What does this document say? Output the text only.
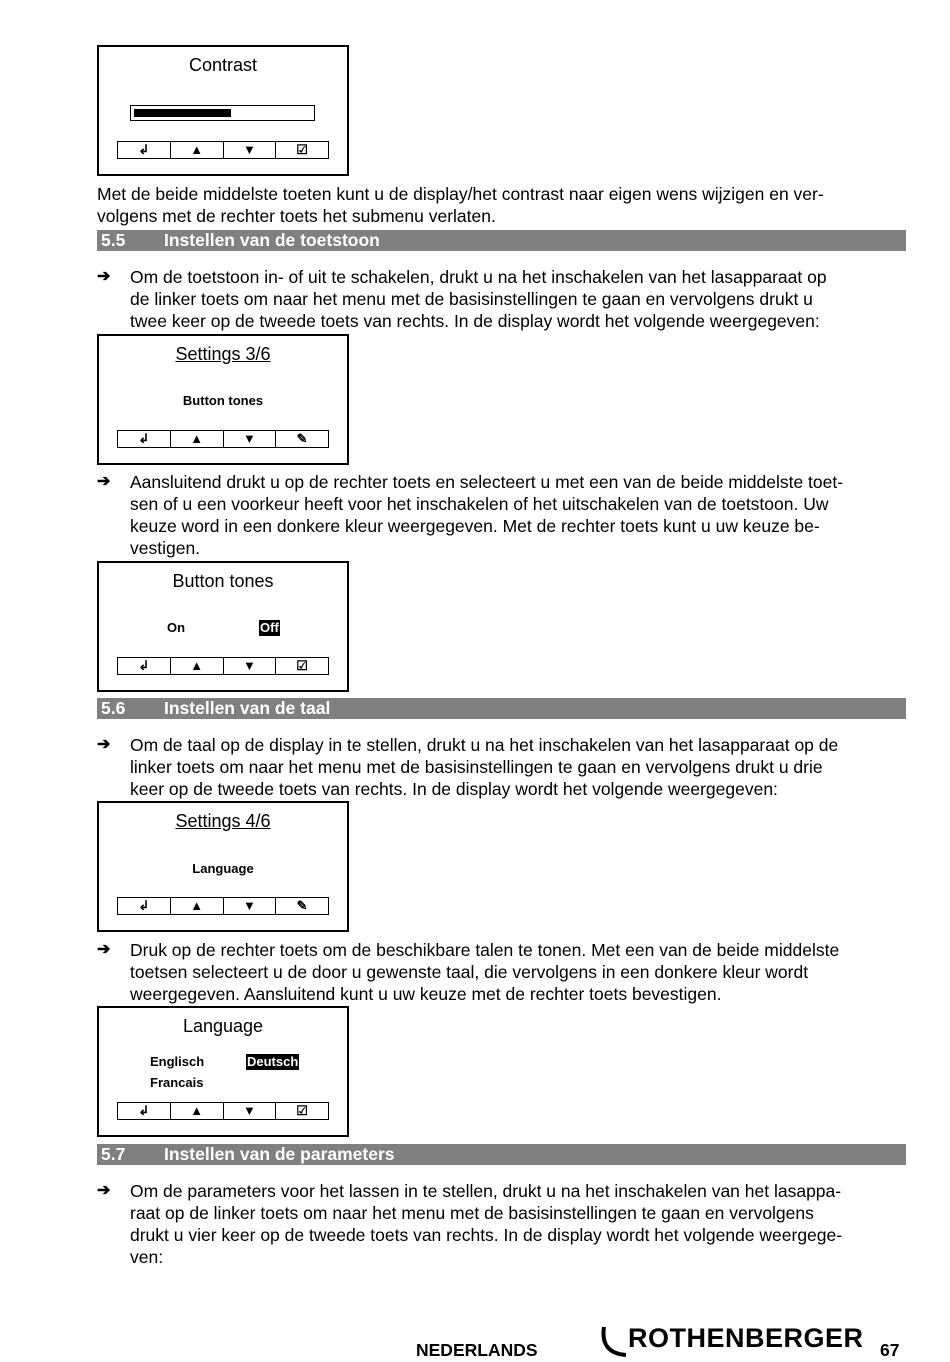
Contrast
↲	▲	▼	☑
Met de beide middelste toeten kunt u de display/het contrast naar eigen wens wijzigen en ver-
volgens met de rechter toets het submenu verlaten.
5.5 Instellen van de toetstoon
➔ Om de toetstoon in- of uit te schakelen, drukt u na het inschakelen van het lasapparaat op
de linker toets om naar het menu met de basisinstellingen te gaan en vervolgens drukt u
twee keer op de tweede toets van rechts. In de display wordt het volgende weergegeven:
Settings 3/6
Button tones
↲	▲	▼	✎
➔ Aansluitend drukt u op de rechter toets en selecteert u met een van de beide middelste toet-
sen of u een voorkeur heeft voor het inschakelen of het uitschakelen van de toetstoon. Uw
keuze word in een donkere kleur weergegeven. Met de rechter toets kunt u uw keuze be-
vestigen.
Button tones
On	Off
↲	▲	▼	☑
5.6 Instellen van de taal
➔ Om de taal op de display in te stellen, drukt u na het inschakelen van het lasapparaat op de
linker toets om naar het menu met de basisinstellingen te gaan en vervolgens drukt u drie
keer op de tweede toets van rechts. In de display wordt het volgende weergegeven:
Settings 4/6
Language
↲	▲	▼	✎
➔ Druk op de rechter toets om de beschikbare talen te tonen. Met een van de beide middelste
toetsen selecteert u de door u gewenste taal, die vervolgens in een donkere kleur wordt
weergegeven. Aansluitend kunt u uw keuze met de rechter toets bevestigen.
Language
Englisch	Deutsch
Francais
↲	▲	▼	☑
5.7 Instellen van de parameters
➔ Om de parameters voor het lassen in te stellen, drukt u na het inschakelen van het lasappa-
raat op de linker toets om naar het menu met de basisinstellingen te gaan en vervolgens
drukt u vier keer op de tweede toets van rechts. In de display wordt het volgende weergege-
ven:
NEDERLANDS	ROTHENBERGER 67
